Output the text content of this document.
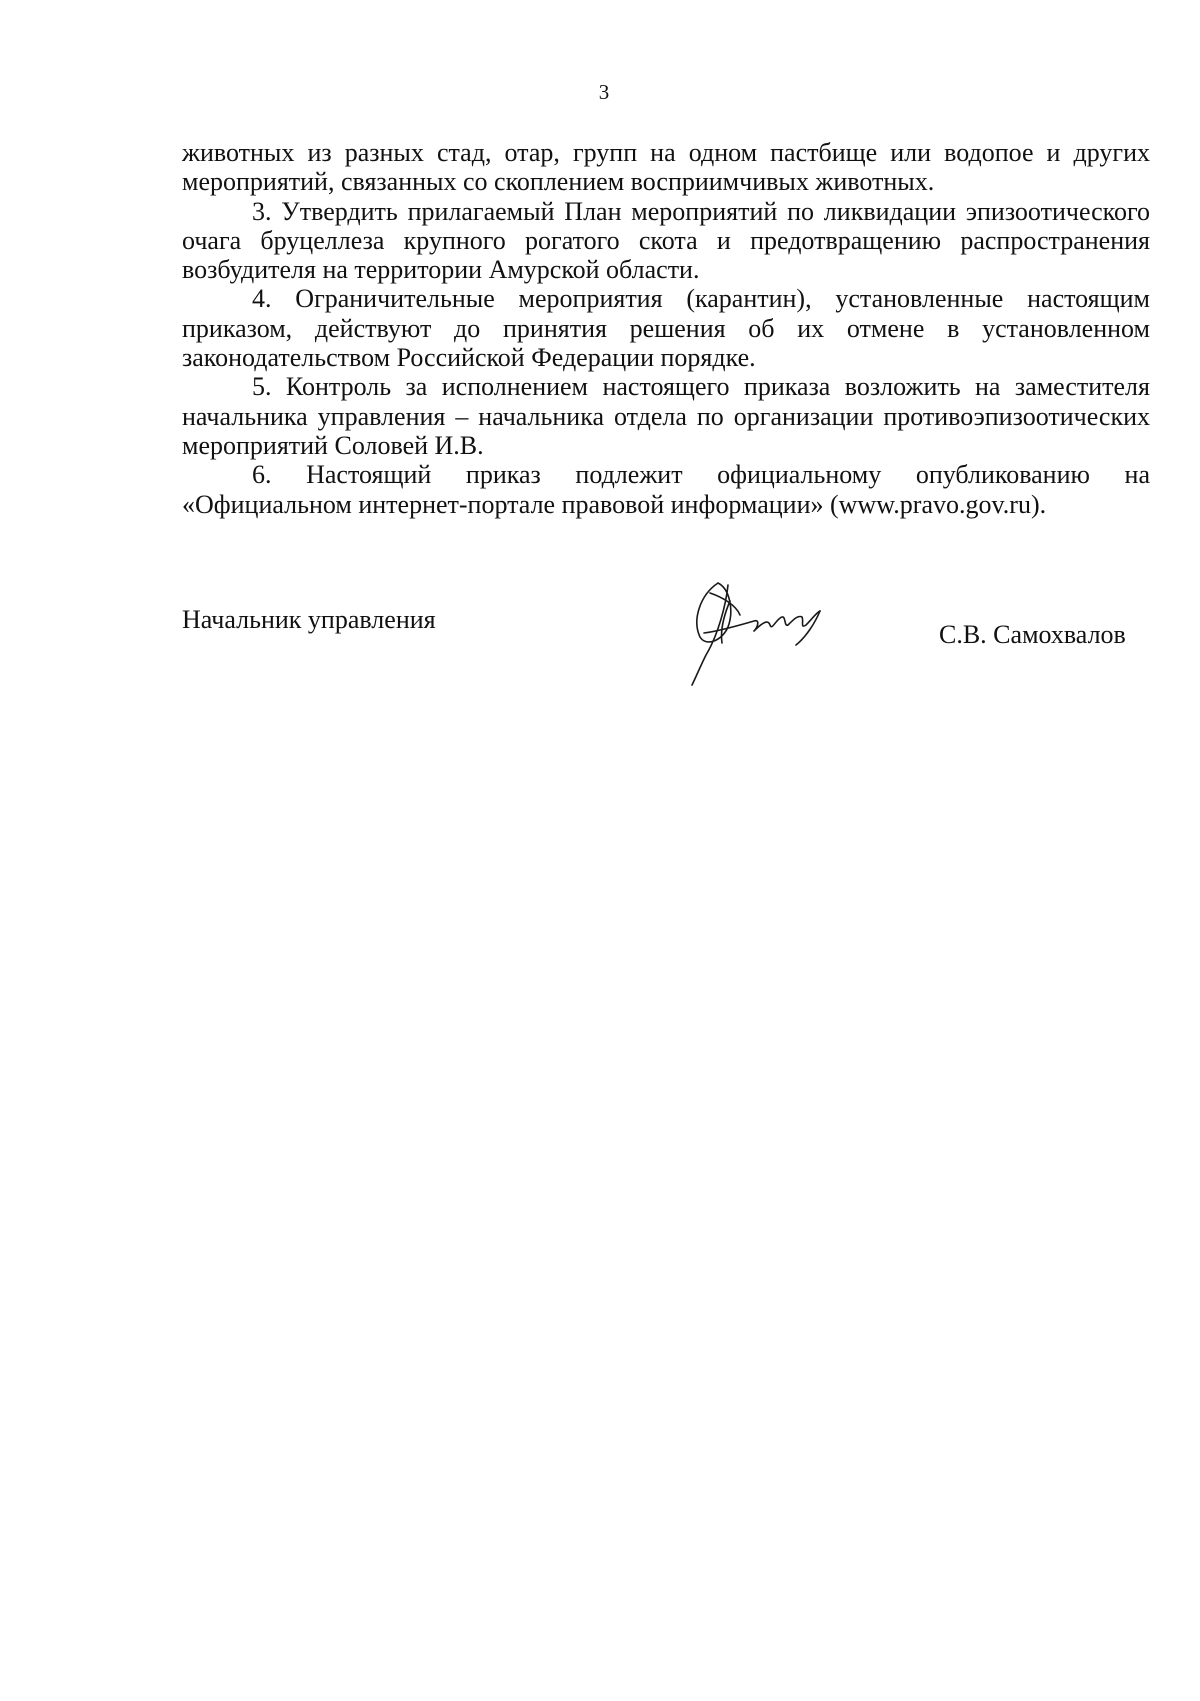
3

животных из разных стад, отар, групп на одном пастбище или водопое и других мероприятий, связанных со скоплением восприимчивых животных.

3. Утвердить прилагаемый План мероприятий по ликвидации эпизоотического очага бруцеллеза крупного рогатого скота и предотвращению распространения возбудителя на территории Амурской области.

4. Ограничительные мероприятия (карантин), установленные настоящим приказом, действуют до принятия решения об их отмене в установленном законодательством Российской Федерации порядке.

5. Контроль за исполнением настоящего приказа возложить на заместителя начальника управления – начальника отдела по организации противоэпизоотических мероприятий Соловей И.В.

6. Настоящий приказ подлежит официальному опубликованию на «Официальном интернет-портале правовой информации» (www.pravo.gov.ru).

Начальник управления
С.В. Самохвалов
